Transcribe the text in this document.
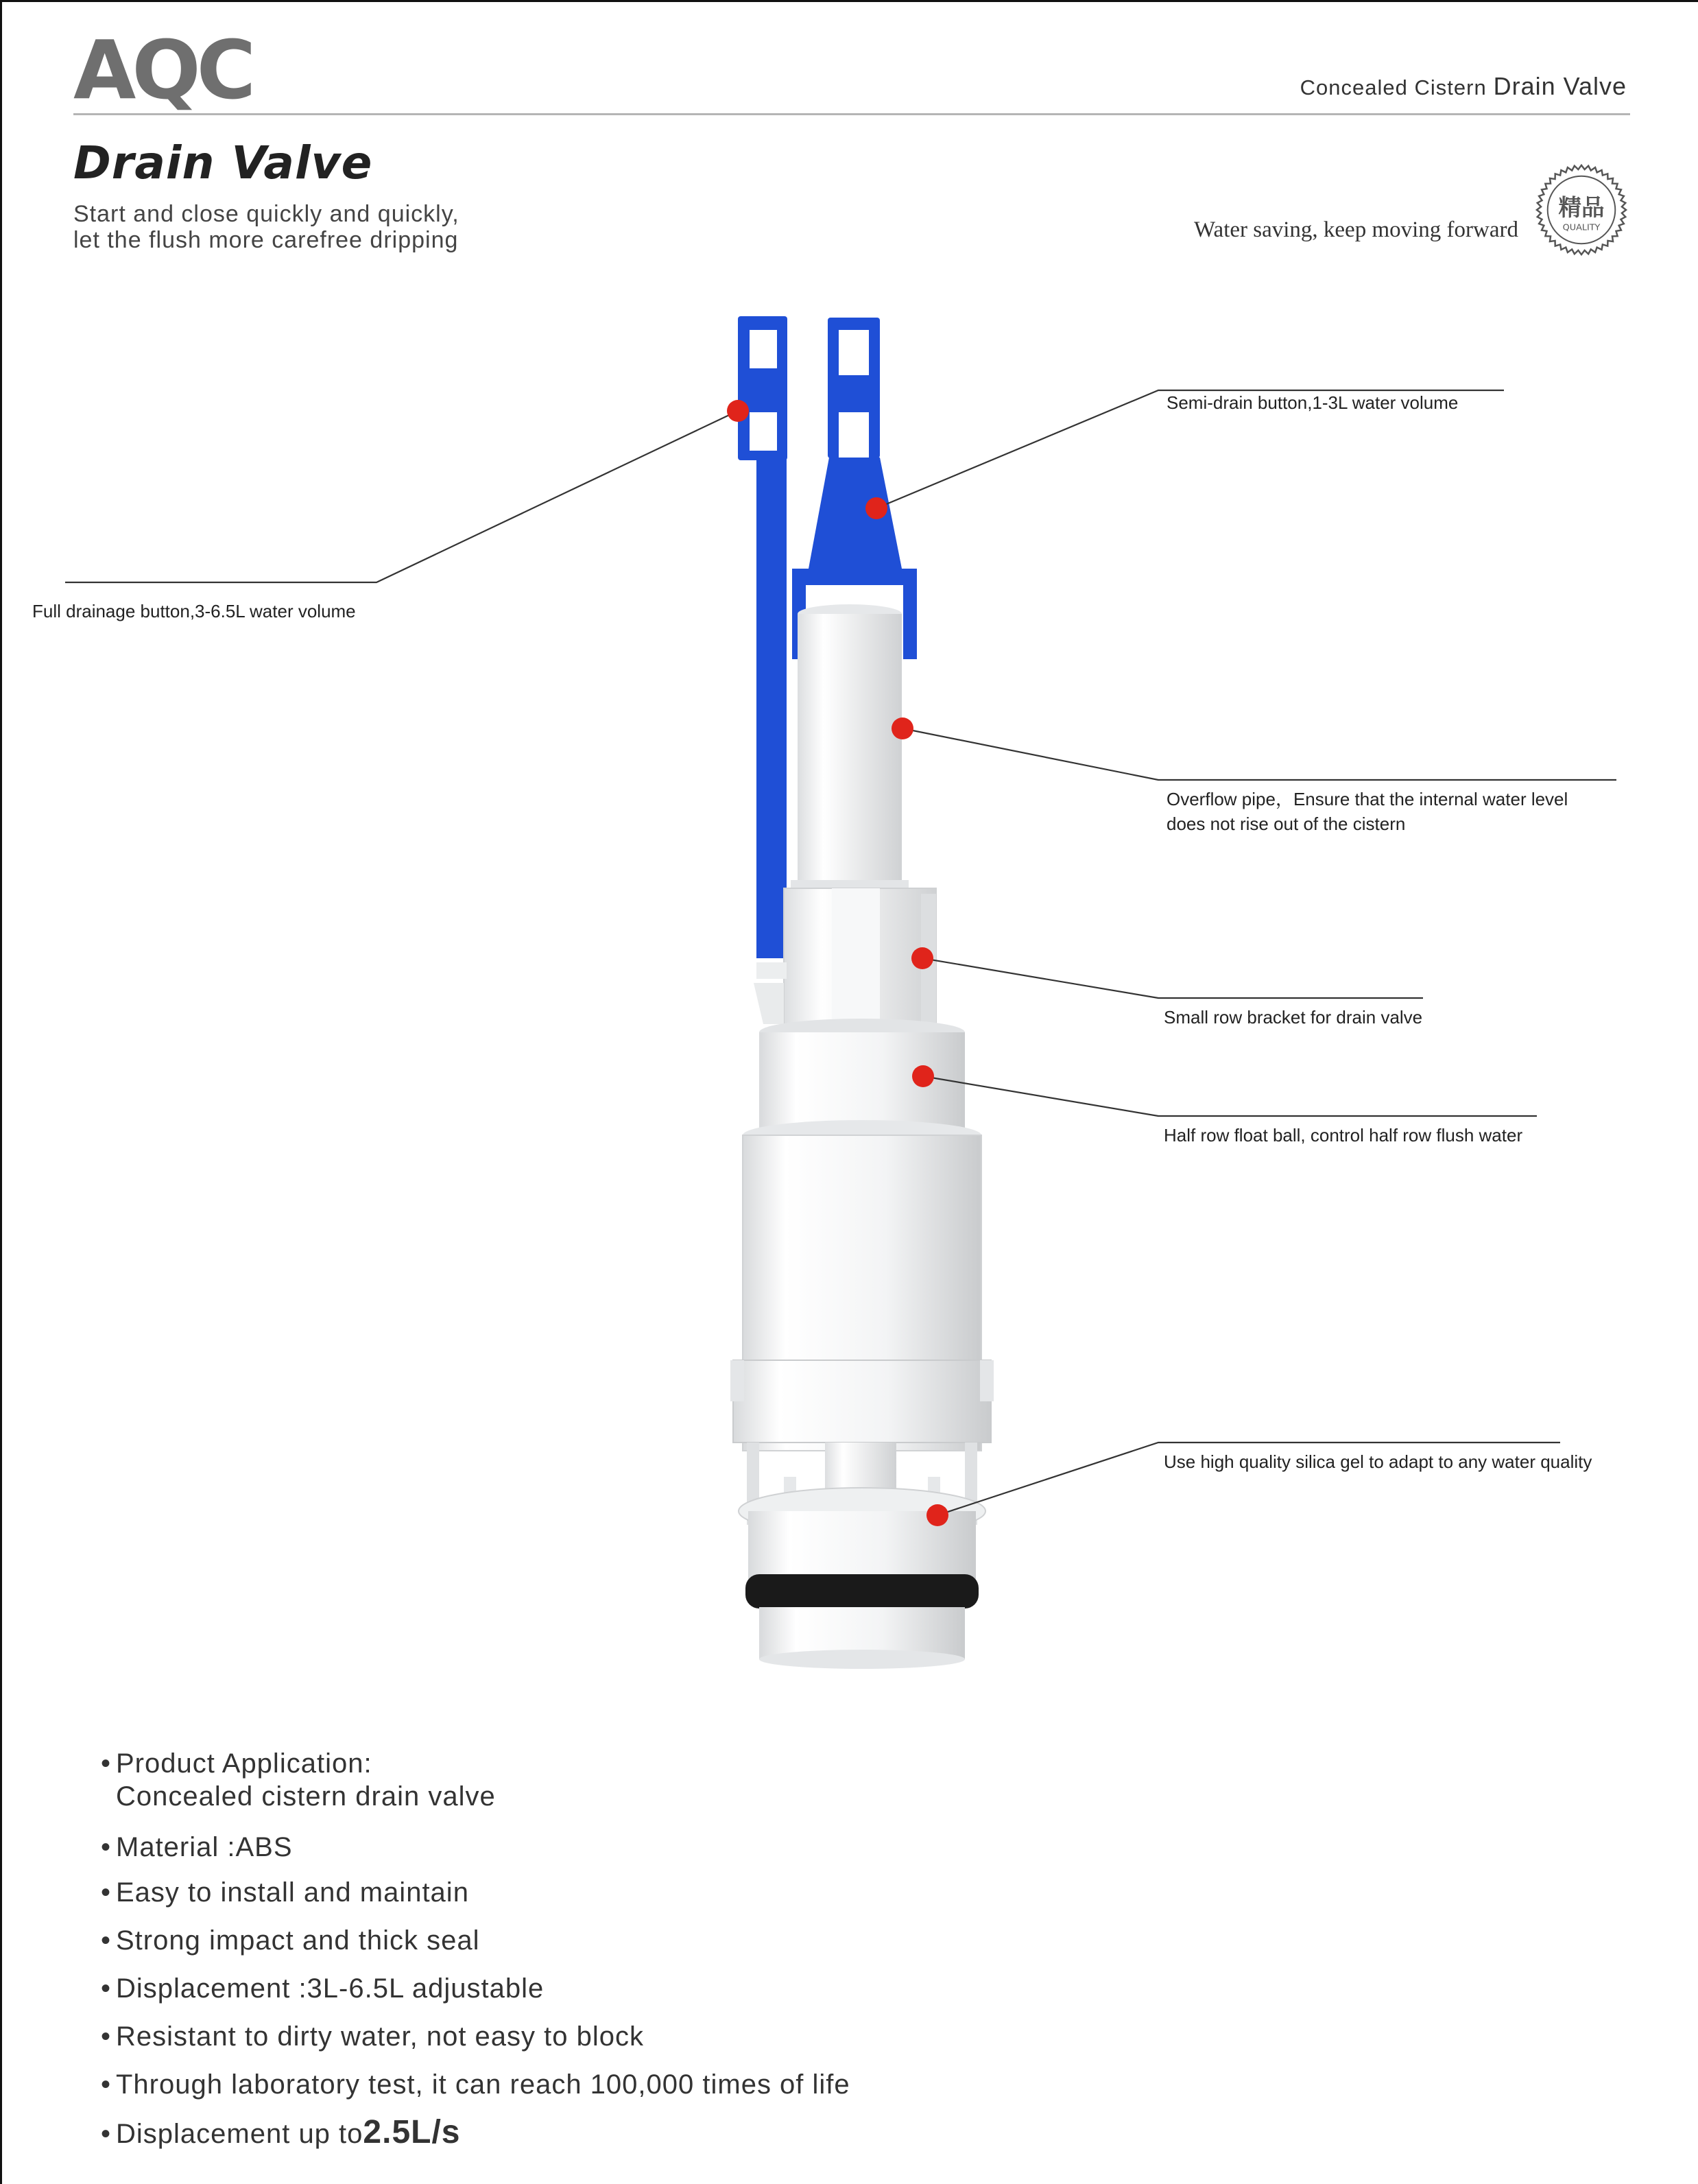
AQC	Concealed Cistern Drain Valve
Drain Valve
Start and close quickly and quickly,
let the flush more carefree dripping	Water saving, keep moving forward
精品
QUALITY
Full drainage button,3-6.5L water volume
Semi-drain button,1-3L water volume
Overflow pipe，Ensure that the internal water level
does not rise out of the cistern
Small row bracket for drain valve
Half row float ball, control half row flush water
Use high quality silica gel to adapt to any water quality
• Product Application:
Concealed cistern drain valve
• Material :ABS
• Easy to install and maintain
• Strong impact and thick seal
• Displacement :3L-6.5L adjustable
• Resistant to dirty water, not easy to block
• Through laboratory test, it can reach 100,000 times of life
• Displacement up to2.5L/s
